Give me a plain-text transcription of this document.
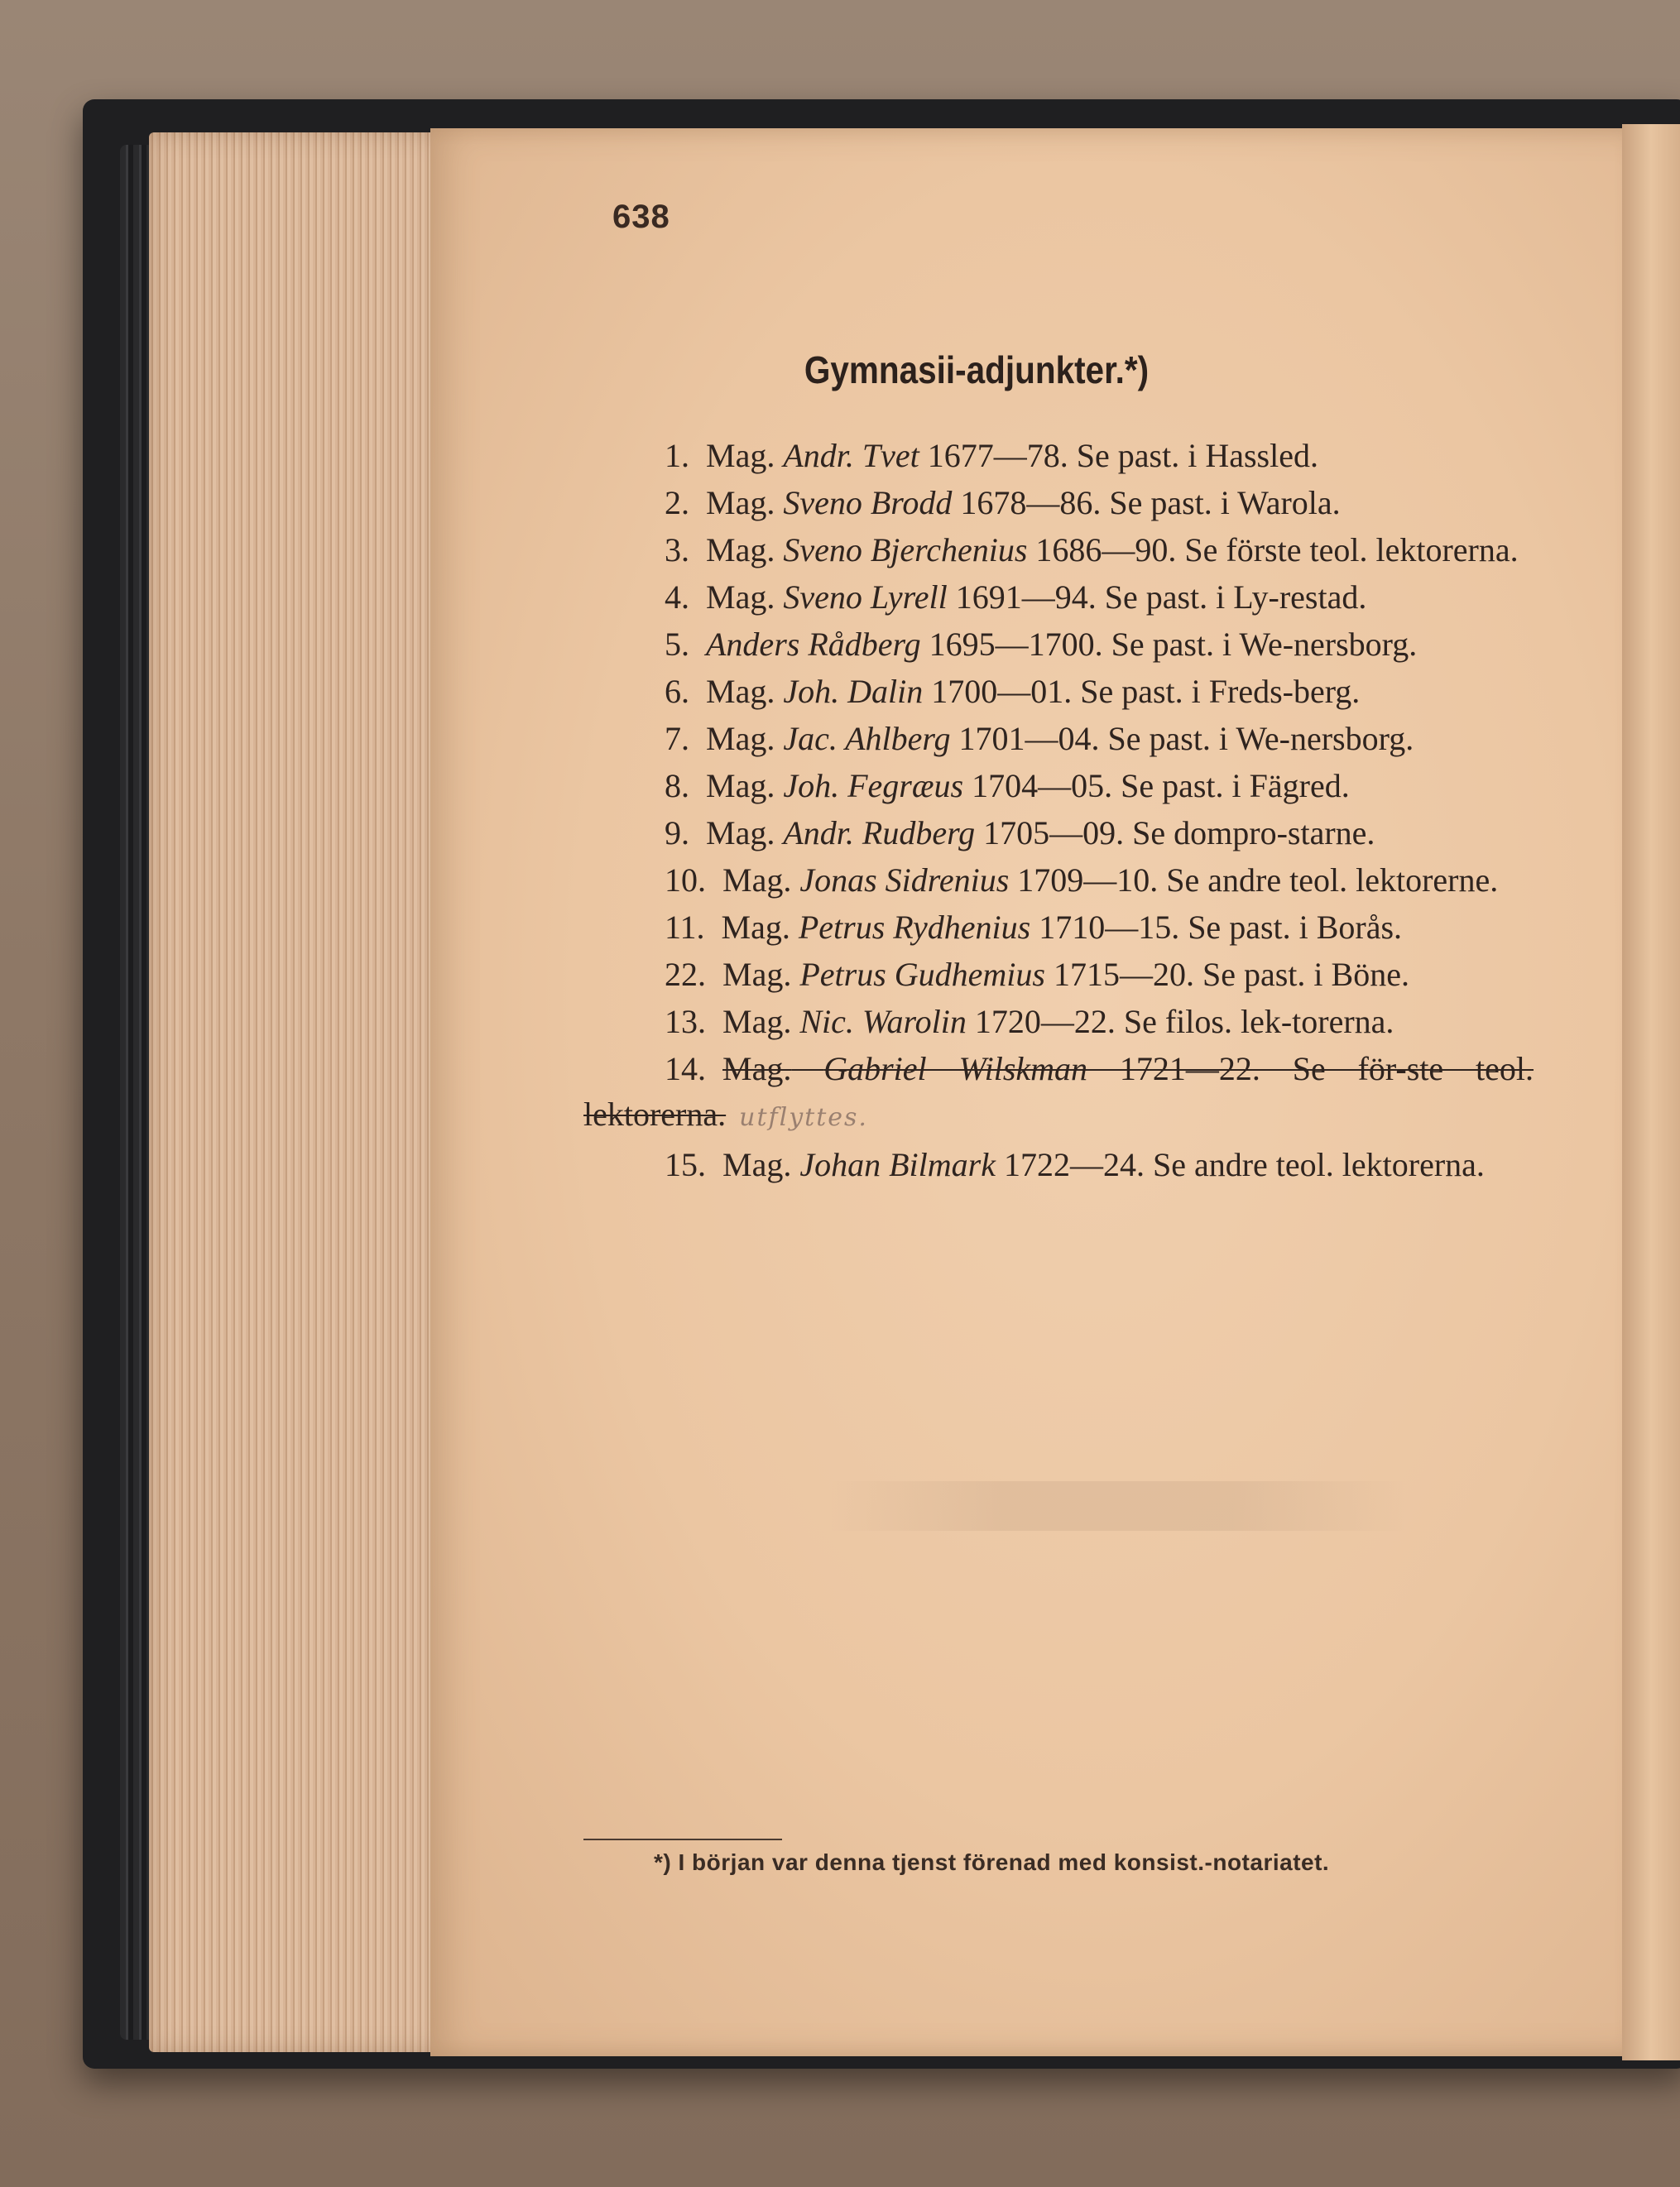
638
Gymnasii-adjunkter.*)

1. Mag. Andr. Tvet 1677—78. Se past. i Hassled.

2. Mag. Sveno Brodd 1678—86. Se past. i Warola.

3. Mag. Sveno Bjerchenius 1686—90. Se förste teol. lektorerna.

4. Mag. Sveno Lyrell 1691—94. Se past. i Ly-restad.

5. Anders Rådberg 1695—1700. Se past. i We-nersborg.

6. Mag. Joh. Dalin 1700—01. Se past. i Freds-berg.

7. Mag. Jac. Ahlberg 1701—04. Se past. i We-nersborg.

8. Mag. Joh. Fegræus 1704—05. Se past. i Fägred.

9. Mag. Andr. Rudberg 1705—09. Se dompro-starne.

10. Mag. Jonas Sidrenius 1709—10. Se andre teol. lektorerne.

11. Mag. Petrus Rydhenius 1710—15. Se past. i Borås.

22. Mag. Petrus Gudhemius 1715—20. Se past. i Böne.

13. Mag. Nic. Warolin 1720—22. Se filos. lek-torerna.

14. Mag. Gabriel Wilskman 1721—22. Se för-ste teol. lektorerna. utflyttes.

15. Mag. Johan Bilmark 1722—24. Se andre teol. lektorerna.

*) I början var denna tjenst förenad med konsist.-notariatet.
